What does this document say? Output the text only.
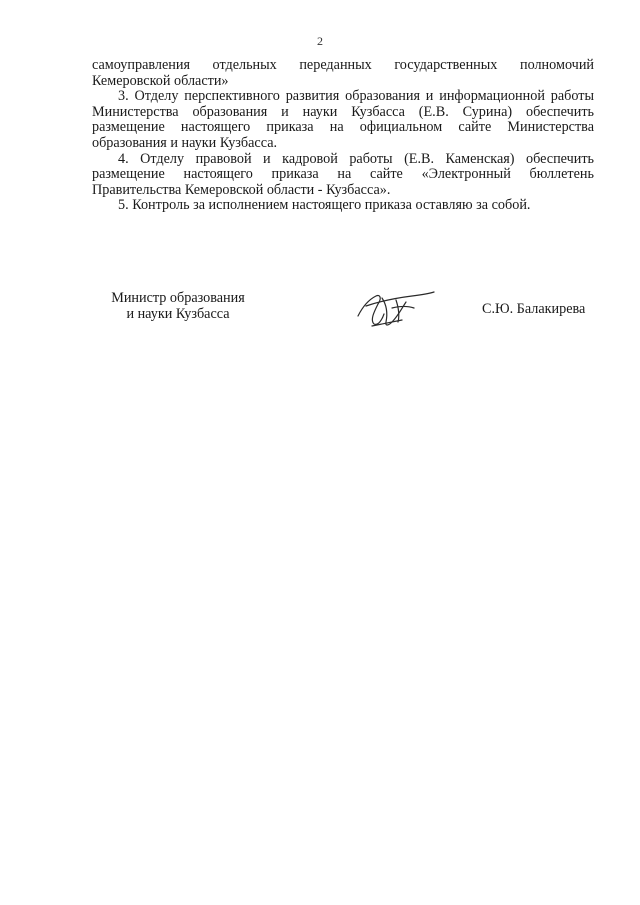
2

самоуправления отдельных переданных государственных полномочий Кемеровской области»

3. Отделу перспективного развития образования и информационной работы Министерства образования и науки Кузбасса (Е.В. Сурина) обеспечить размещение настоящего приказа на официальном сайте Министерства образования и науки Кузбасса.

4. Отделу правовой и кадровой работы (Е.В. Каменская) обеспечить размещение настоящего приказа на сайте «Электронный бюллетень Правительства Кемеровской области - Кузбасса».

5. Контроль за исполнением настоящего приказа оставляю за собой.

Министр образования
и науки Кузбасса	С.Ю. Балакирева
